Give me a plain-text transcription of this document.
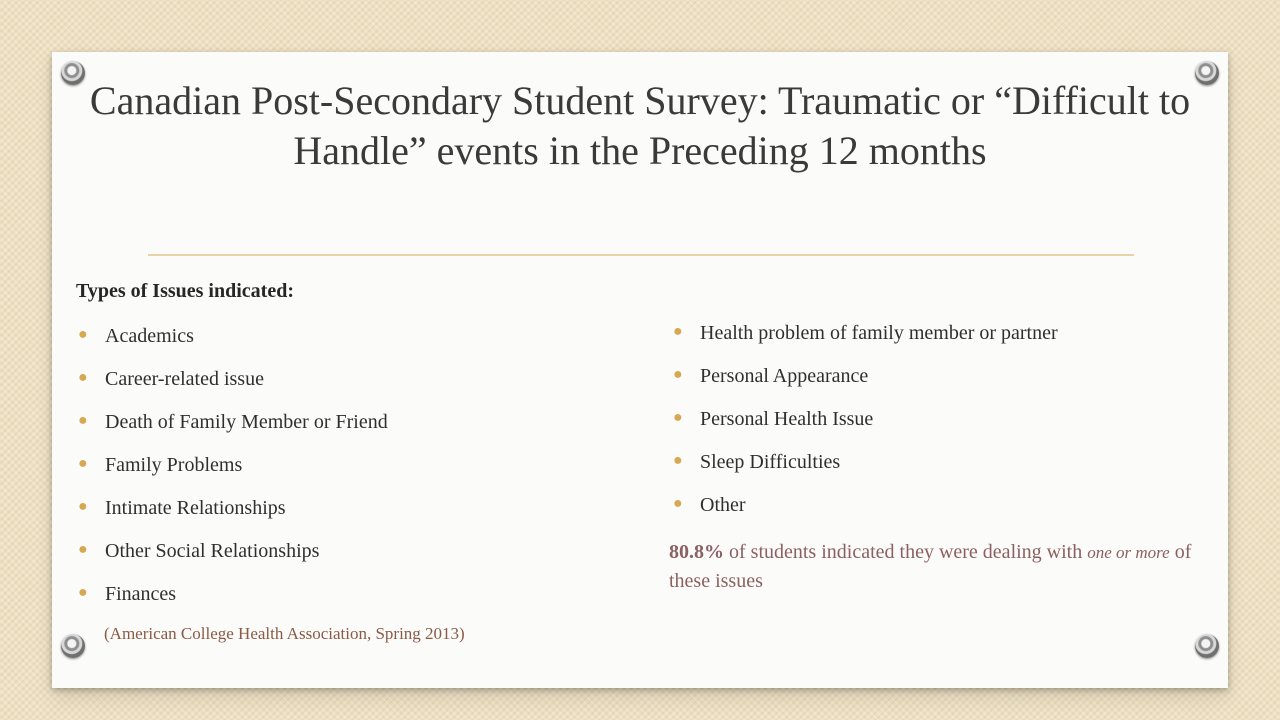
Canadian Post-Secondary Student Survey: Traumatic or “Difficult to Handle” events in the Preceding 12 months

Types of Issues indicated:

● Academics
● Career-related issue
● Death of Family Member or Friend
● Family Problems
● Intimate Relationships
● Other Social Relationships
● Finances

(American College Health Association, Spring 2013)

● Health problem of family member or partner
● Personal Appearance
● Personal Health Issue
● Sleep Difficulties
● Other

80.8% of students indicated they were dealing with one or more of these issues
